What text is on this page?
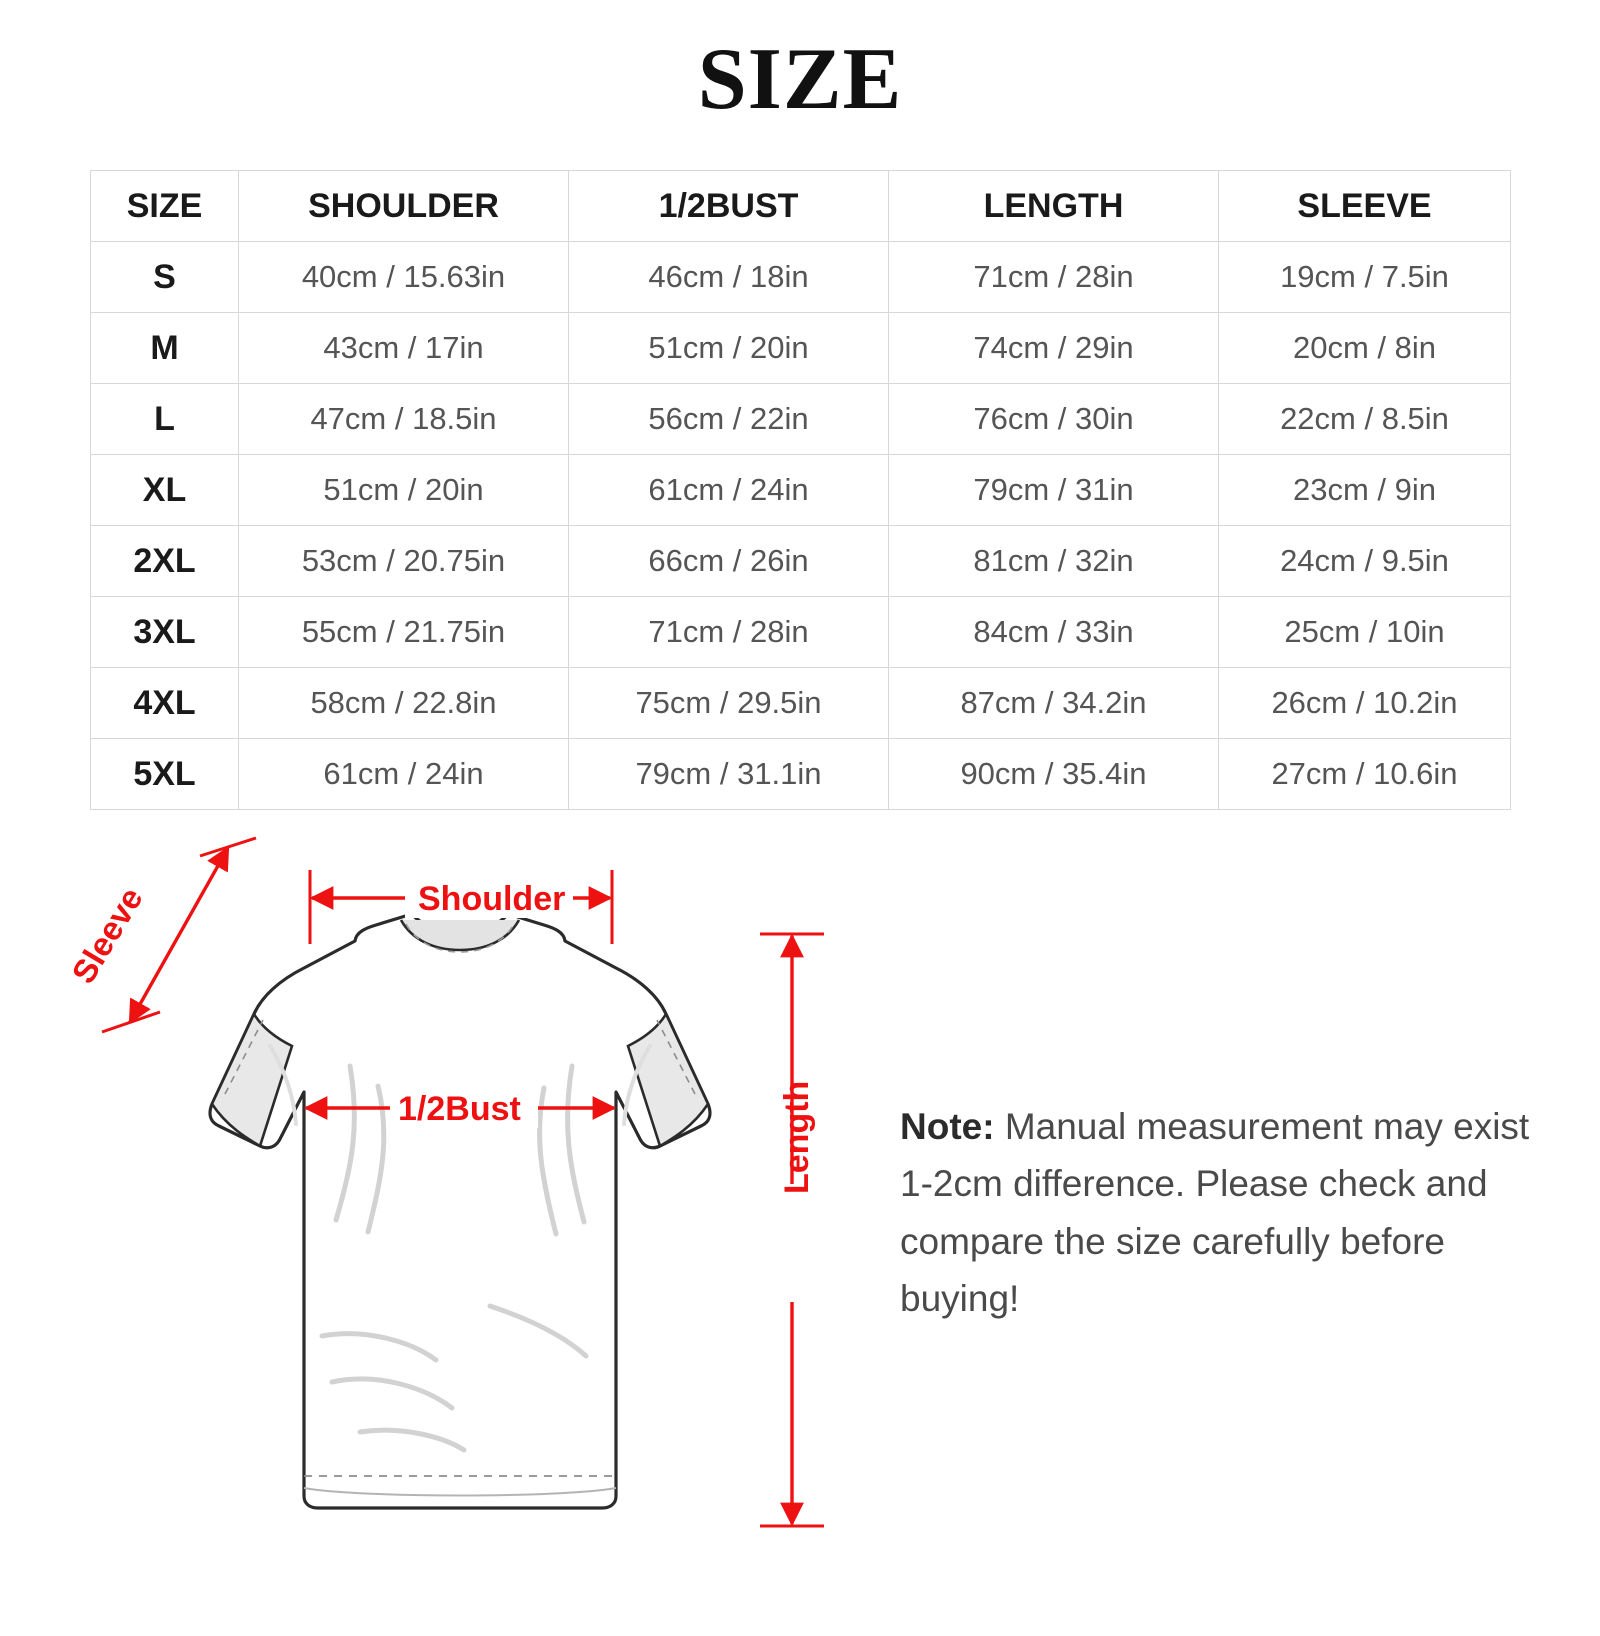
SIZE
SIZE	SHOULDER	1/2BUST	LENGTH	SLEEVE
S	40cm / 15.63in	46cm / 18in	71cm / 28in	19cm / 7.5in
M	43cm / 17in	51cm / 20in	74cm / 29in	20cm / 8in
L	47cm / 18.5in	56cm / 22in	76cm / 30in	22cm / 8.5in
XL	51cm / 20in	61cm / 24in	79cm / 31in	23cm / 9in
2XL	53cm / 20.75in	66cm / 26in	81cm / 32in	24cm / 9.5in
3XL	55cm / 21.75in	71cm / 28in	84cm / 33in	25cm / 10in
4XL	58cm / 22.8in	75cm / 29.5in	87cm / 34.2in	26cm / 10.2in
5XL	61cm / 24in	79cm / 31.1in	90cm / 35.4in	27cm / 10.6in
Shoulder
Sleeve
1/2Bust	Length Note: Manual measurement may exist 1-2cm difference. Please check and compare the size carefully before buying!
